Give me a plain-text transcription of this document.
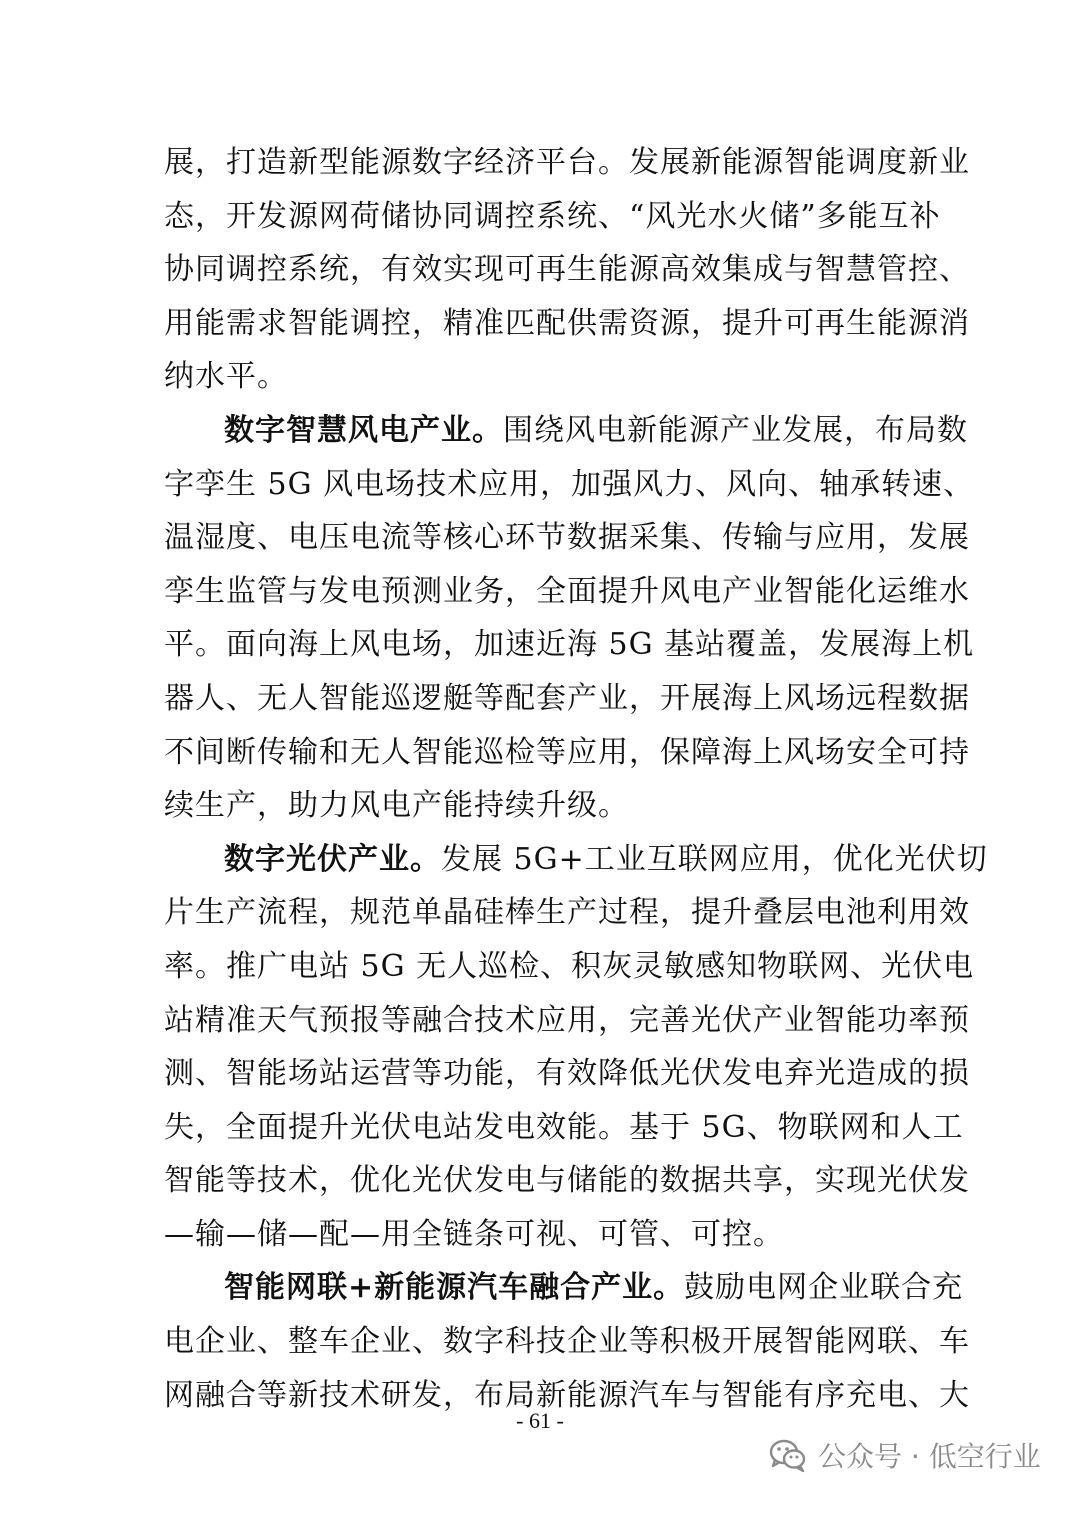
展，打造新型能源数字经济平台。发展新能源智能调度新业
态，开发源网荷储协同调控系统、“风光水火储”多能互补
协同调控系统，有效实现可再生能源高效集成与智慧管控、
用能需求智能调控，精准匹配供需资源，提升可再生能源消
纳水平。
数字智慧风电产业。围绕风电新能源产业发展，布局数
字孪生 5G 风电场技术应用，加强风力、风向、轴承转速、
温湿度、电压电流等核心环节数据采集、传输与应用，发展
孪生监管与发电预测业务，全面提升风电产业智能化运维水
平。面向海上风电场，加速近海 5G 基站覆盖，发展海上机
器人、无人智能巡逻艇等配套产业，开展海上风场远程数据
不间断传输和无人智能巡检等应用，保障海上风场安全可持
续生产，助力风电产能持续升级。
数字光伏产业。发展 5G+工业互联网应用，优化光伏切
片生产流程，规范单晶硅棒生产过程，提升叠层电池利用效
率。推广电站 5G 无人巡检、积灰灵敏感知物联网、光伏电
站精准天气预报等融合技术应用，完善光伏产业智能功率预
测、智能场站运营等功能，有效降低光伏发电弃光造成的损
失，全面提升光伏电站发电效能。基于 5G、物联网和人工
智能等技术，优化光伏发电与储能的数据共享，实现光伏发
—输—储—配—用全链条可视、可管、可控。
智能网联+新能源汽车融合产业。鼓励电网企业联合充
电企业、整车企业、数字科技企业等积极开展智能网联、车
网融合等新技术研发，布局新能源汽车与智能有序充电、大
- 61 -
公众号 · 低空行业
